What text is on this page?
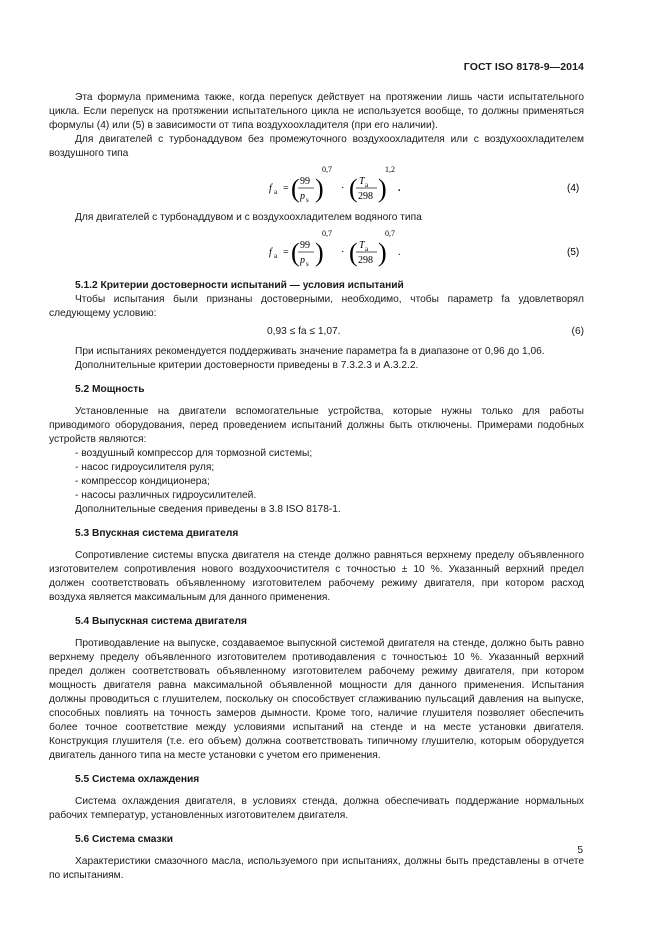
ГОСТ ISO 8178-9—2014

Эта формула применима также, когда перепуск действует на протяжении лишь части испытательного цикла. Если перепуск на протяжении испытательного цикла не используется вообще, то должны применяться формулы (4) или (5) в зависимости от типа воздухоохладителя (при его наличии).

Для двигателей с турбонаддувом без промежуточного воздухоохладителя или с воздухоохладителем воздушного типа

f a = ( 99
p s )
0,7
· ( T a
298 )
1,2
.	(4)

Для двигателей с турбонаддувом и с воздухоохладителем водяного типа

f a = ( 99
p s )
0,7
· ( T a
298 )
0,7
.	(5)

5.1.2 Критерии достоверности испытаний — условия испытаний

Чтобы испытания были признаны достоверными, необходимо, чтобы параметр fa удовлетворял следующему условию:

0,93 ≤ fa ≤ 1,07.	(6)

При испытаниях рекомендуется поддерживать значение параметра fa в диапазоне от 0,96 до 1,06.

Дополнительные критерии достоверности приведены в 7.3.2.3 и А.3.2.2.

5.2 Мощность

Установленные на двигатели вспомогательные устройства, которые нужны только для работы приводимого оборудования, перед проведением испытаний должны быть отключены. Примерами подобных устройств являются:

- воздушный компрессор для тормозной системы;

- насос гидроусилителя руля;

- компрессор кондиционера;

- насосы различных гидроусилителей.

Дополнительные сведения приведены в 3.8 ISO 8178-1.

5.3 Впускная система двигателя

Сопротивление системы впуска двигателя на стенде должно равняться верхнему пределу объявленного изготовителем сопротивления нового воздухоочистителя с точностью ± 10 %. Указанный верхний предел должен соответствовать объявленному изготовителем рабочему режиму двигателя, при котором расход воздуха является максимальным для данного применения.

5.4 Выпускная система двигателя

Противодавление на выпуске, создаваемое выпускной системой двигателя на стенде, должно быть равно верхнему пределу объявленного изготовителем противодавления с точностью± 10 %. Указанный верхний предел должен соответствовать объявленному изготовителем рабочему режиму двигателя, при котором мощность двигателя равна максимальной объявленной мощности для данного применения. Испытания должны проводиться с глушителем, поскольку он способствует сглаживанию пульсаций давления на выпуске, способных повлиять на точность замеров дымности. Кроме того, наличие глушителя позволяет обеспечить более точное соответствие между условиями испытаний на стенде и на месте установки двигателя. Конструкция глушителя (т.е. его объем) должна соответствовать типичному глушителю, которым оборудуется двигатель данного типа на месте установки с учетом его применения.

5.5 Система охлаждения

Система охлаждения двигателя, в условиях стенда, должна обеспечивать поддержание нормальных рабочих температур, установленных изготовителем двигателя.

5.6 Система смазки

Характеристики смазочного масла, используемого при испытаниях, должны быть представлены в отчете по испытаниям.

5
